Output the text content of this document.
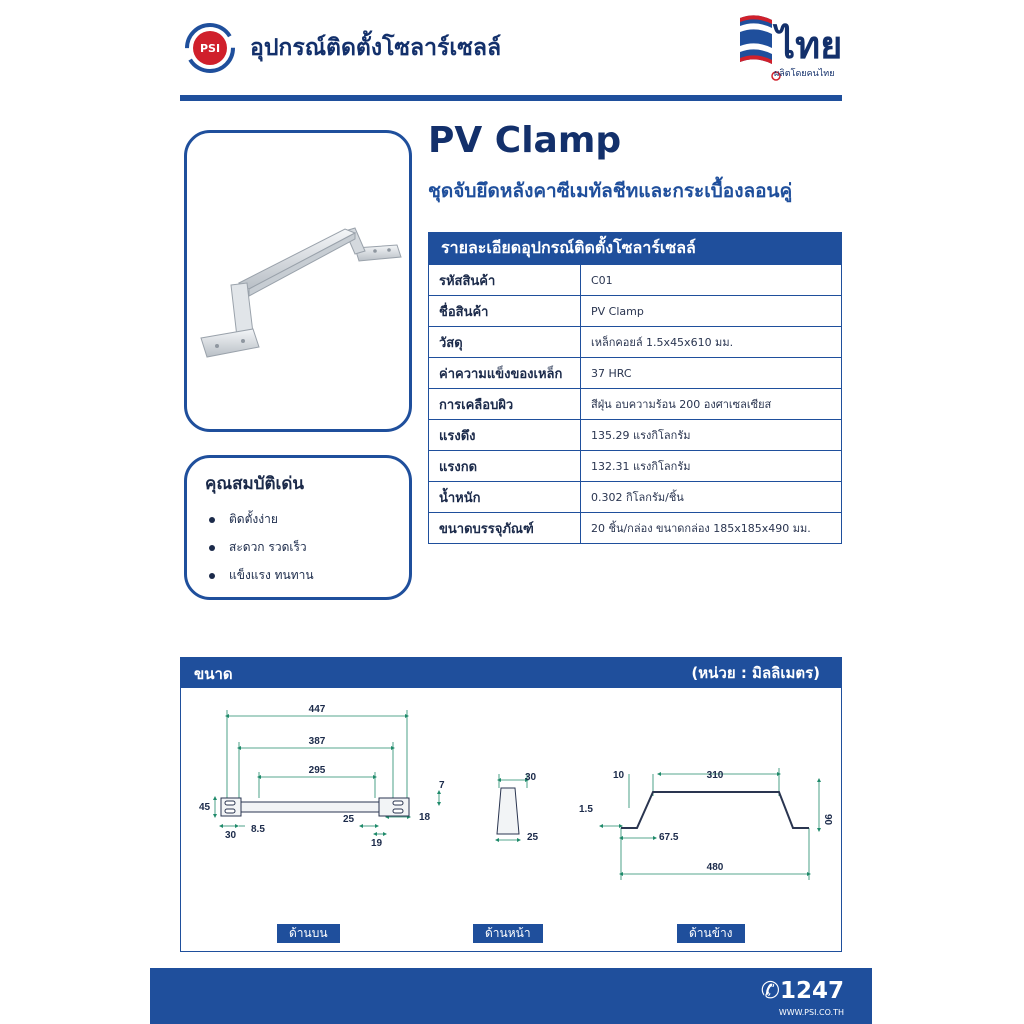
PSI อุปกรณ์ติดตั้งโซลาร์เซลล์	ไทย
ผลิตโดยคนไทย
คุณสมบัติเด่น
ติดตั้งง่าย
สะดวก รวดเร็ว
แข็งแรง ทนทาน
PV Clamp
ชุดจับยึดหลังคาซีเมทัลชีทและกระเบื้องลอนคู่
รายละเอียดอุปกรณ์ติดตั้งโซลาร์เซลล์	
รหัสสินค้า	C01
ชื่อสินค้า	PV Clamp
วัสดุ	เหล็กคอยล์ 1.5x45x610 มม.
ค่าความแข็งของเหล็ก	37 HRC
การเคลือบผิว	สีฝุ่น อบความร้อน 200 องศาเซลเซียส
แรงดึง	135.29 แรงกิโลกรัม
แรงกด	132.31 แรงกิโลกรัม
น้ำหนัก	0.302 กิโลกรัม/ชิ้น
ขนาดบรรจุภัณฑ์	20 ชิ้น/กล่อง ขนาดกล่อง 185x185x490 มม.
ขนาด	(หน่วย : มิลลิเมตร)
447
387
295
45
30
8.5
25
19
7
18
30
25
10	310
1.5
67.5
90
480
ด้านบน	ด้านหน้า	ด้านข้าง
✆1247
WWW.PSI.CO.TH
